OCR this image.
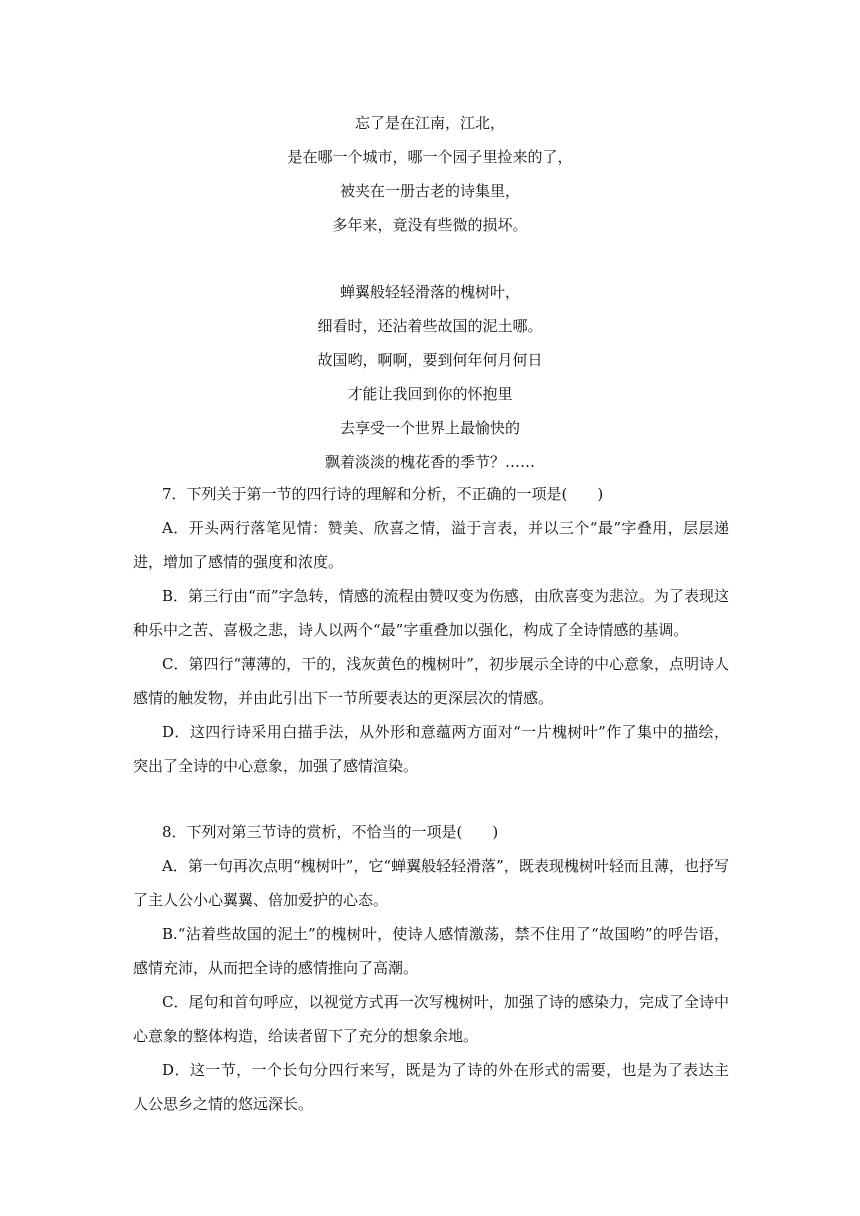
忘了是在江南，江北，
是在哪一个城市，哪一个园子里捡来的了，
被夹在一册古老的诗集里，
多年来，竟没有些微的损坏。
蝉翼般轻轻滑落的槐树叶，
细看时，还沾着些故国的泥土哪。
故国哟，啊啊，要到何年何月何日
才能让我回到你的怀抱里
去享受一个世界上最愉快的
飘着淡淡的槐花香的季节？……

7．下列关于第一节的四行诗的理解和分析，不正确的一项是(　　)

A．开头两行落笔见情：赞美、欣喜之情，溢于言表，并以三个“最”字叠用，层层递进，增加了感情的强度和浓度。

B．第三行由“而”字急转，情感的流程由赞叹变为伤感，由欣喜变为悲泣。为了表现这种乐中之苦、喜极之悲，诗人以两个“最”字重叠加以强化，构成了全诗情感的基调。

C．第四行“薄薄的，干的，浅灰黄色的槐树叶”，初步展示全诗的中心意象，点明诗人感情的触发物，并由此引出下一节所要表达的更深层次的情感。

D．这四行诗采用白描手法，从外形和意蕴两方面对“一片槐树叶”作了集中的描绘，突出了全诗的中心意象，加强了感情渲染。

8．下列对第三节诗的赏析，不恰当的一项是(　　)

A．第一句再次点明“槐树叶”，它“蝉翼般轻轻滑落”，既表现槐树叶轻而且薄，也抒写了主人公小心翼翼、倍加爱护的心态。

B.“沾着些故国的泥土”的槐树叶，使诗人感情激荡，禁不住用了“故国哟”的呼告语，感情充沛，从而把全诗的感情推向了高潮。

C．尾句和首句呼应，以视觉方式再一次写槐树叶，加强了诗的感染力，完成了全诗中心意象的整体构造，给读者留下了充分的想象余地。

D．这一节，一个长句分四行来写，既是为了诗的外在形式的需要，也是为了表达主人公思乡之情的悠远深长。
